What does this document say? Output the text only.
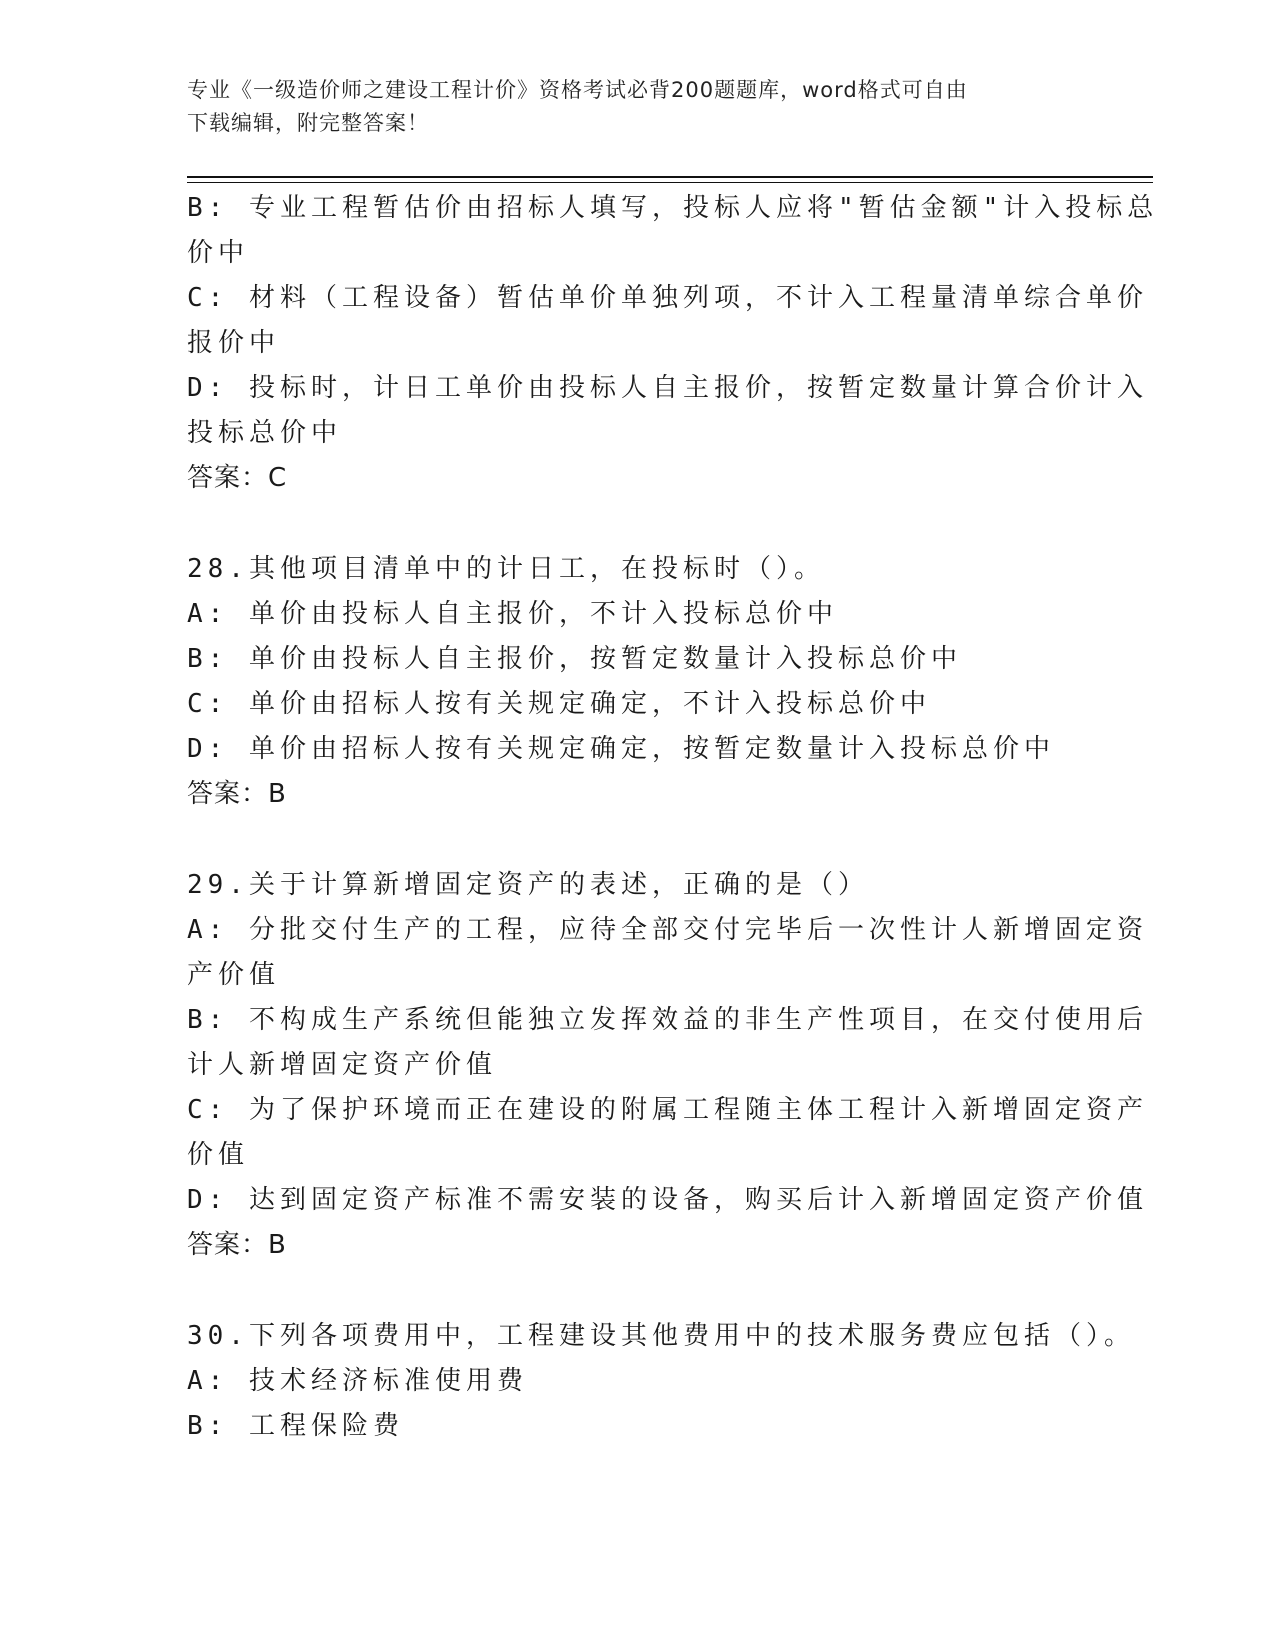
专业《一级造价师之建设工程计价》资格考试必背200题题库，word格式可自由
下载编辑，附完整答案！
B: 专业工程暂估价由招标人填写，投标人应将"暂估金额"计入投标总
价中
C: 材料（工程设备）暂估单价单独列项，不计入工程量清单综合单价
报价中
D: 投标时，计日工单价由投标人自主报价，按暂定数量计算合价计入
投标总价中
答案：C
28.其他项目清单中的计日工，在投标时（）。
A: 单价由投标人自主报价，不计入投标总价中
B: 单价由投标人自主报价，按暂定数量计入投标总价中
C: 单价由招标人按有关规定确定，不计入投标总价中
D: 单价由招标人按有关规定确定，按暂定数量计入投标总价中
答案：B
29.关于计算新增固定资产的表述，正确的是（）
A: 分批交付生产的工程，应待全部交付完毕后一次性计人新增固定资
产价值
B: 不构成生产系统但能独立发挥效益的非生产性项目，在交付使用后
计人新增固定资产价值
C: 为了保护环境而正在建设的附属工程随主体工程计入新增固定资产
价值
D: 达到固定资产标准不需安装的设备，购买后计入新增固定资产价值
答案：B
30.下列各项费用中，工程建设其他费用中的技术服务费应包括（）。
A: 技术经济标准使用费
B: 工程保险费
